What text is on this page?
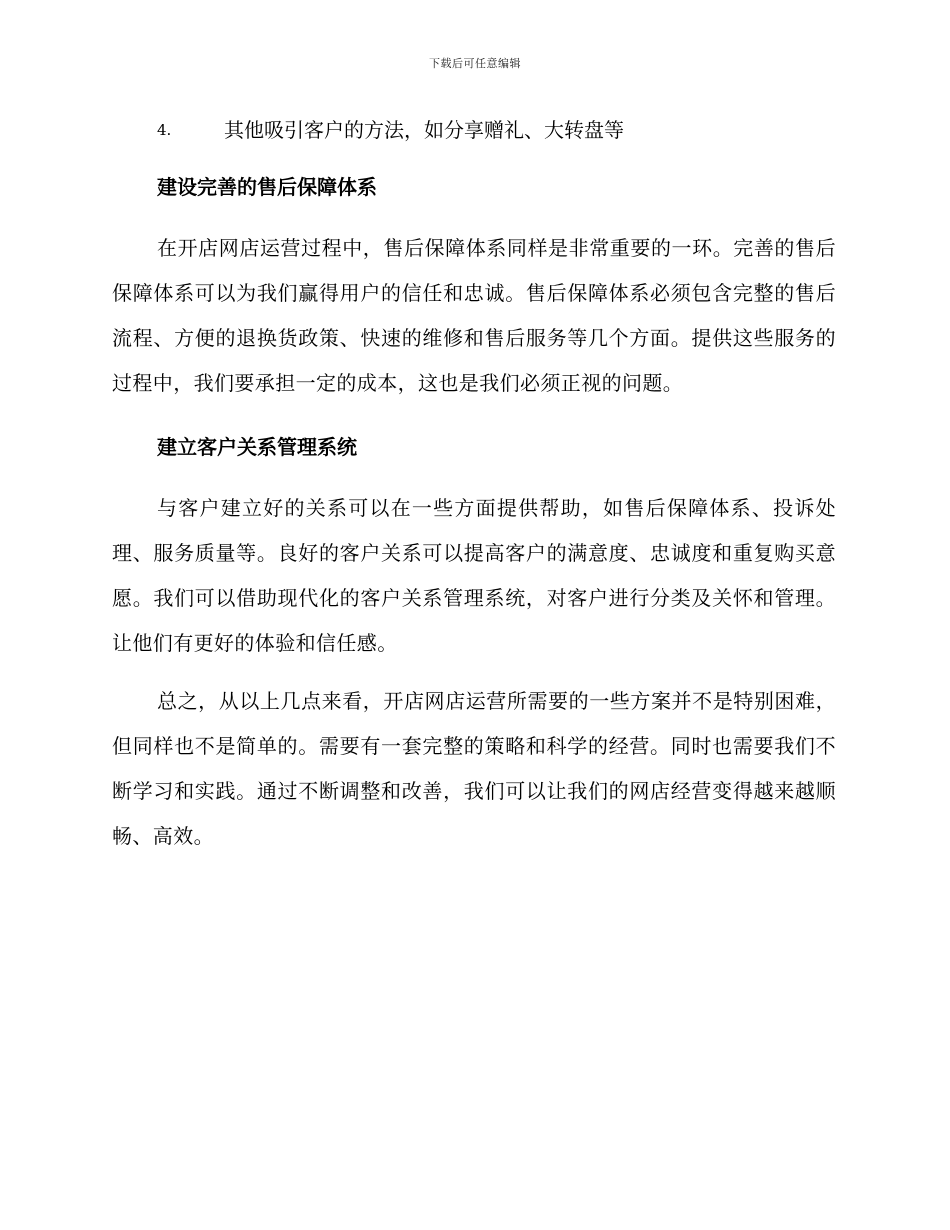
下载后可任意编辑
4.	其他吸引客户的方法，如分享赠礼、大转盘等
建设完善的售后保障体系

在开店网店运营过程中，售后保障体系同样是非常重要的一环。完善的售后保障体系可以为我们赢得用户的信任和忠诚。售后保障体系必须包含完整的售后流程、方便的退换货政策、快速的维修和售后服务等几个方面。提供这些服务的过程中，我们要承担一定的成本，这也是我们必须正视的问题。

建立客户关系管理系统

与客户建立好的关系可以在一些方面提供帮助，如售后保障体系、投诉处理、服务质量等。良好的客户关系可以提高客户的满意度、忠诚度和重复购买意愿。我们可以借助现代化的客户关系管理系统，对客户进行分类及关怀和管理。让他们有更好的体验和信任感。

总之，从以上几点来看，开店网店运营所需要的一些方案并不是特别困难，但同样也不是简单的。需要有一套完整的策略和科学的经营。同时也需要我们不断学习和实践。通过不断调整和改善，我们可以让我们的网店经营变得越来越顺畅、高效。
